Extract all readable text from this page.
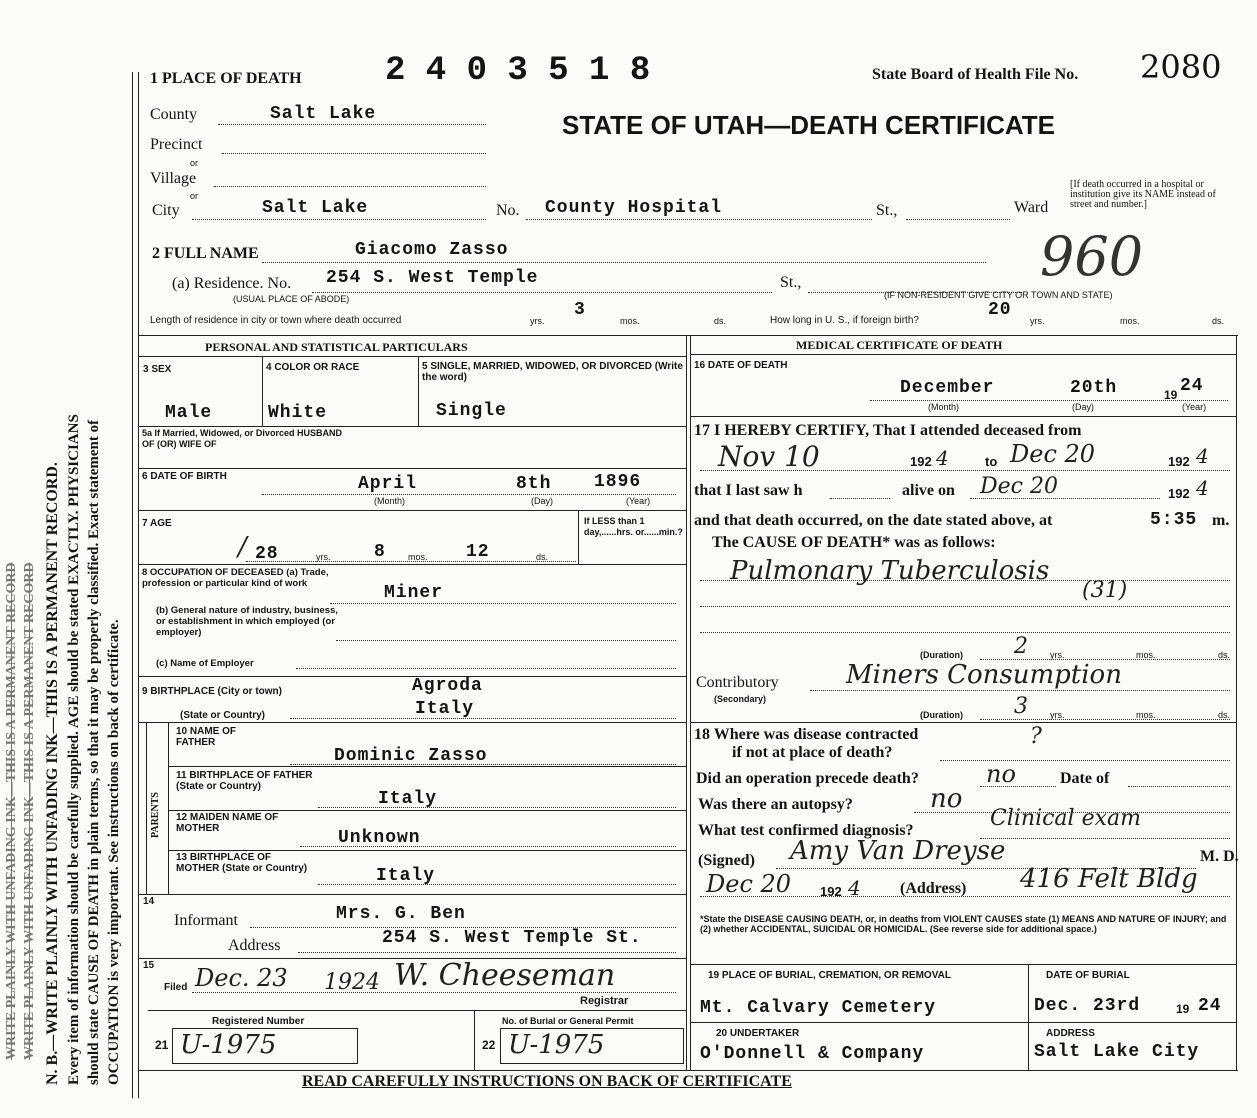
WRITE PLAINLY WITH UNFADING INK—THIS IS A PERMANENT RECORD WRITE PLAINLY WITH UNFADING INK—THIS IS A PERMANENT RECORD N. B.—WRITE PLAINLY WITH UNFADING INK—THIS IS A PERMANENT RECORD. Every item of information should be carefully supplied. AGE should be stated EXACTLY. PHYSICIANS should state CAUSE OF DEATH in plain terms, so that it may be properly classified. Exact statement of OCCUPATION is very important. See instructions on back of certificate.
1 PLACE OF DEATH 2 4 0 3 5 1 8	State Board of Health File No. 2080
STATE OF UTAH—DEATH CERTIFICATE
[If death occurred in a hospital or institution give its NAME instead of street and number.]
960
County	Salt Lake
Precinct
or
Village
or
City	Salt Lake	No. County Hospital	St.,	Ward
2 FULL NAME	Giacomo Zasso
(a) Residence. No. 254 S. West Temple	St.,
(USUAL PLACE OF ABODE)	(IF NON-RESIDENT GIVE CITY OR TOWN AND STATE)
Length of residence in city or town where death occurred	yrs.
3
mos.	ds.	How long in U. S., if foreign birth?
20
yrs.	mos.	ds.
PERSONAL AND STATISTICAL PARTICULARS
3 SEX	4 COLOR OR RACE	5 SINGLE, MARRIED, WIDOWED, OR DIVORCED (Write the word)
Male	White	Single
5a If Married, Widowed, or Divorced HUSBAND OF (OR) WIFE OF
6 DATE OF BIRTH	April	8th 1896
(Month)	(Day)	(Year)
7 AGE
/ 28	yrs. 8 mos. 12	ds.
If LESS than 1 day,......hrs. or......min.?
8 OCCUPATION OF DECEASED (a) Trade, profession or particular kind of work	Miner
(b) General nature of industry, business, or establishment in which employed (or employer)
(c) Name of Employer
9 BIRTHPLACE (City or town)	Agroda
(State or Country)	Italy
PARENTS
10 NAME OF FATHER
Dominic Zasso
11 BIRTHPLACE OF FATHER (State or Country)
Italy
12 MAIDEN NAME OF MOTHER	Unknown
13 BIRTHPLACE OF MOTHER (State or Country)	Italy
14
Informant	Mrs. G. Ben
Address	254 S. West Temple St.
15
Filed Dec. 23 1924 W. Cheeseman
Registrar
Registered Number	No. of Burial or General Permit
21 U-1975	22 U-1975
MEDICAL CERTIFICATE OF DEATH
16 DATE OF DEATH
December	20th	19 24
(Month)	(Day)	(Year)
17 I HEREBY CERTIFY, That I attended deceased from
Nov 10	192 4	to Dec 20	192 4
that I last saw h	alive on Dec 20	192 4
and that death occurred, on the date stated above, at	5:35 m.
The CAUSE OF DEATH* was as follows:
Pulmonary Tuberculosis
(31)
(Duration) 2 yrs.	mos.	ds.
Contributory
(Secondary)
Miners Consumption
(Duration) 3 yrs.	mos.	ds.
18 Where was disease contracted
if not at place of death?
?
Did an operation precede death?	no	Date of
Was there an autopsy?	no
What test confirmed diagnosis?	Clinical exam
(Signed) Amy Van Dreyse	M. D.
Dec 20 192 4 (Address) 416 Felt Bldg
*State the DISEASE CAUSING DEATH, or, in deaths from VIOLENT CAUSES state (1) MEANS AND NATURE OF INJURY; and (2) whether ACCIDENTAL, SUICIDAL OR HOMICIDAL. (See reverse side for additional space.)
19 PLACE OF BURIAL, CREMATION, OR REMOVAL
Mt. Calvary Cemetery
DATE OF BURIAL
Dec. 23rd	19 24
20 UNDERTAKER
O'Donnell & Company
ADDRESS
Salt Lake City
READ CAREFULLY INSTRUCTIONS ON BACK OF CERTIFICATE
